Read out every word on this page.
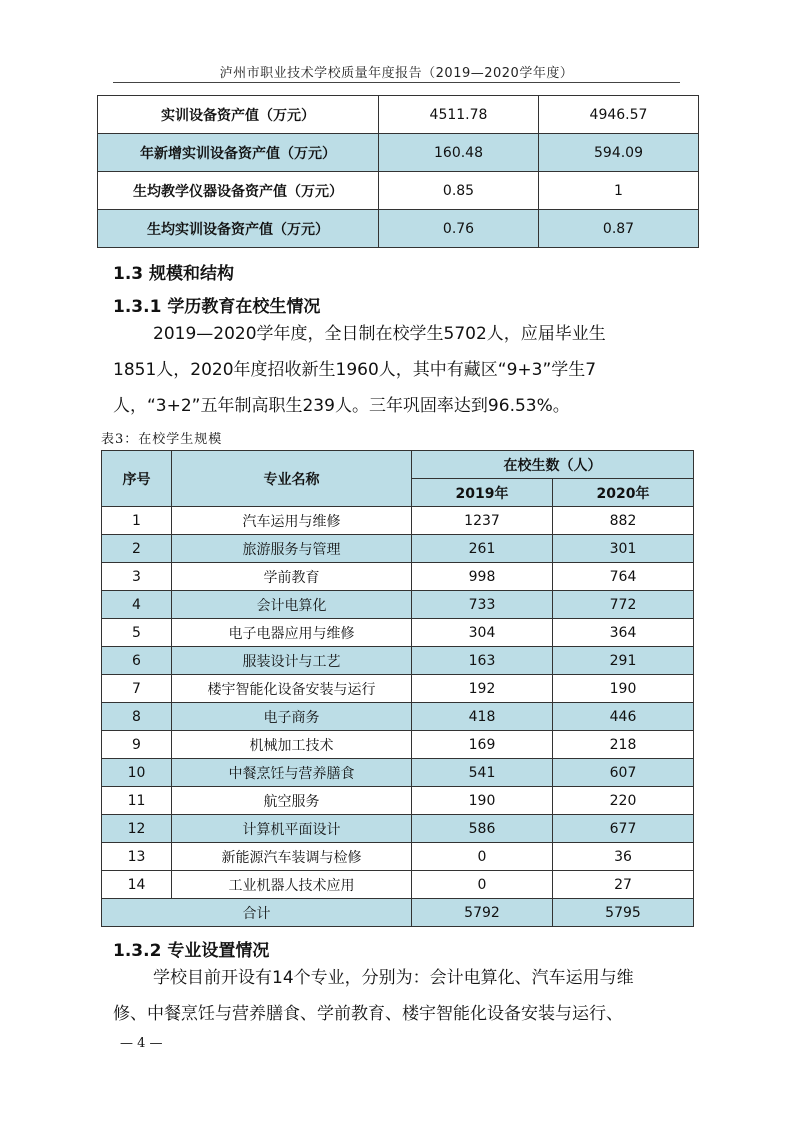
泸州市职业技术学校质量年度报告（2019—2020学年度）
实训设备资产值（万元）	4511.78	4946.57
年新增实训设备资产值（万元）	160.48	594.09
生均教学仪器设备资产值（万元）	0.85	1
生均实训设备资产值（万元）	0.76	0.87
1.3 规模和结构
1.3.1 学历教育在校生情况
2019—2020学年度，全日制在校学生5702人，应届毕业生
1851人，2020年度招收新生1960人，其中有藏区“9+3”学生7
人，“3+2”五年制高职生239人。三年巩固率达到96.53%。
表3：在校学生规模
序号	专业名称	在校生数（人）	
		2019年	2020年
1	汽车运用与维修	1237	882
2	旅游服务与管理	261	301
3	学前教育	998	764
4	会计电算化	733	772
5	电子电器应用与维修	304	364
6	服装设计与工艺	163	291
7	楼宇智能化设备安装与运行	192	190
8	电子商务	418	446
9	机械加工技术	169	218
10	中餐烹饪与营养膳食	541	607
11	航空服务	190	220
12	计算机平面设计	586	677
13	新能源汽车装调与检修	0	36
14	工业机器人技术应用	0	27
合计		5792	5795
1.3.2 专业设置情况
学校目前开设有14个专业，分别为：会计电算化、汽车运用与维
修、中餐烹饪与营养膳食、学前教育、楼宇智能化设备安装与运行、
— 4 —
